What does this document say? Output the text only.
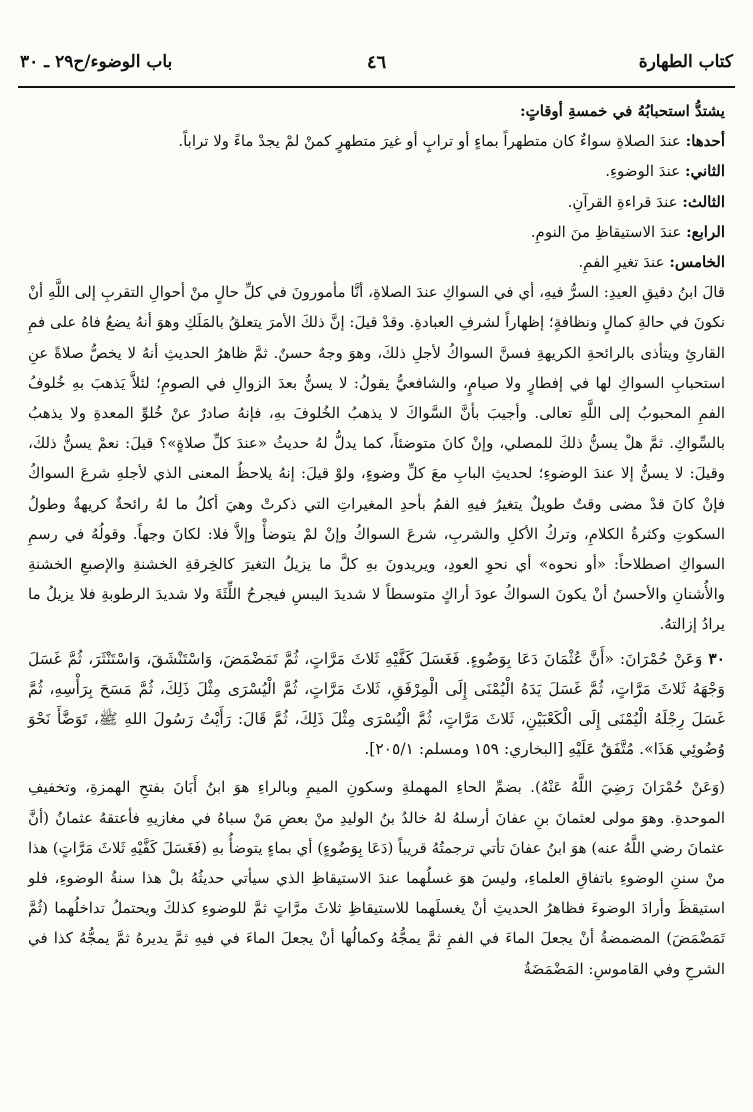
كتاب الطهارة
٤٦
باب الوضوء/ح٢٩ ـ ٣٠

يشتدُّ استحبابُهُ في خمسةِ أوقاتٍ:

أحدها: عندَ الصلاةِ سواءٌ كان متطهراً بماءٍ أو ترابٍ أو غيرَ متطهرٍ كمنْ لمْ يجدْ ماءً ولا تراباً.

الثاني: عندَ الوضوءِ.

الثالث: عندَ قراءةِ القرآنِ.

الرابع: عندَ الاستيقاظِ منَ النومِ.

الخامس: عندَ تغيرِ الفمِ.

قالَ ابنُ دقيقِ العيدِ: السرُّ فيهِ، أي في السواكِ عندَ الصلاةِ، أنَّا مأمورونَ في كلِّ حالٍ منْ أحوالِ التقربِ إلى اللَّهِ أنْ نكونَ في حالةِ كمالٍ ونظافةٍ؛ إظهاراً لشرفِ العبادةِ. وقدْ قيلَ: إنَّ ذلكَ الأمرَ يتعلقُ بالمَلَكِ وهوَ أنهُ يضعُ فاهُ على فمِ القارئِ ويتأذى بالرائحةِ الكريهةِ فسنَّ السواكُ لأجلِ ذلكَ، وهوَ وجهٌ حسنٌ. ثمَّ ظاهرُ الحديثِ أنهُ لا يخصُّ صلاةً عنِ استحبابِ السواكِ لها في إفطارٍ ولا صيامٍ، والشافعيُّ يقولُ: لا يسنُّ بعدَ الزوالِ في الصومِ؛ لئلاَّ يَذهبَ بهِ خُلوفُ الفمِ المحبوبُ إلى اللَّهِ تعالى. وأجيبَ بأنَّ السَّواكَ لا يذهبُ الخُلوفَ بهِ، فإنهُ صادرٌ عنْ خُلوِّ المعدةِ ولا يذهبُ بالسِّواكِ. ثمَّ هلْ يسنُّ ذلكَ للمصلي، وإنْ كانَ متوضئاً، كما يدلُّ لهُ حديثُ «عندَ كلِّ صلاةٍ»؟ قيلَ: نعمْ يسنُّ ذلكَ، وقيلَ: لا يسنُّ إلا عندَ الوضوءِ؛ لحديثِ البابِ معَ كلِّ وضوءٍ، ولوْ قيلَ: إنهُ يلاحظُ المعنى الذي لأجلهِ شرعَ السواكُ فإنْ كانَ قدْ مضى وقتٌ طويلٌ يتغيرُ فيهِ الفمُ بأحدِ المغيراتِ التي ذكرتْ وهيَ أكلُ ما لهُ رائحةٌ كريهةٌ وطولُ السكوتِ وكثرةُ الكلامِ، وتركُ الأكلِ والشربِ، شرعَ السواكُ وإنْ لمْ يتوضأْ وإلاَّ فلا: لكانَ وجهاً. وقولُهُ في رسمِ السواكِ اصطلاحاً: «أو نحوه» أي نحوِ العودِ، ويريدونَ بهِ كلَّ ما يزيلُ التغيرَ كالخِرقةِ الخشنةِ والإصبعِ الخشنةِ والأُشنانِ والأحسنُ أنْ يكونَ السواكُ عودَ أراكٍ متوسطاً لا شديدَ اليبسِ فيجرحُ اللِّثَةَ ولا شديدَ الرطوبةِ فلا يزيلُ ما يرادُ إزالتهُ.

٣٠وَعَنْ حُمْرَانَ: «أَنَّ عُثْمَانَ دَعَا بِوَضُوءٍ. فَغَسَلَ كَفَّيْهِ ثَلاثَ مَرَّاتٍ، ثُمَّ تَمَضْمَضَ، وَاسْتَنْشَقَ، وَاسْتَنْثَرَ، ثُمَّ غَسَلَ وَجْهَهُ ثَلاثَ مَرَّاتٍ، ثُمَّ غَسَلَ يَدَهُ الْيُمْنَى إِلَى الْمِرْفَقِ، ثَلاثَ مَرَّاتٍ، ثُمَّ الْيُسْرَى مِثْلَ ذَلِكَ، ثُمَّ مَسَحَ بِرَأْسِهِ، ثُمَّ غَسَلَ رِجْلَهُ الْيُمْنَى إِلَى الْكَعْبَيْنِ، ثَلاثَ مَرَّاتٍ، ثُمَّ الْيُسْرَى مِثْلَ ذَلِكَ، ثُمَّ قَالَ: رَأَيْتُ رَسُولَ اللهِ ﷺ، تَوَضَّأَ نَحْوَ وُضُوئِي هَذَا». مُتَّفَقٌ عَلَيْهِ [البخاري: ١٥٩ ومسلم: ٢٠٥/١].

(وَعَنْ حُمْرَانَ رَضِيَ اللَّهُ عَنْهُ). بضمِّ الحاءِ المهملةِ وسكونِ الميمِ وبالراءِ هوَ ابنُ أَبَانَ بفتحِ الهمزةِ، وتخفيفِ الموحدةِ. وهوَ مولى لعثمانَ بنِ عفانَ أرسلهُ لهُ خالدُ بنُ الوليدِ منْ بعضِ مَنْ سباهُ في مغازيهِ فأعتقهُ عثمانُ (أنَّ عثمانَ رضي اللَّهُ عنه) هوَ ابنُ عفانَ تأتي ترجمتُهُ قريباً (دَعَا بِوَضُوءٍ) أي بماءٍ يتوضأُ بهِ (فَغَسَلَ كَفَّيْهِ ثَلاثَ مَرَّاتٍ) هذا منْ سننِ الوضوءِ باتفاقِ العلماءِ، وليسَ هوَ غسلُهما عندَ الاستيقاظِ الذي سيأتي حديثُهُ بلْ هذا سنةُ الوضوءِ، فلو استيقظَ وأرادَ الوضوءَ فظاهرُ الحديثِ أنْ يغسلَهما للاستيقاظِ ثلاثَ مرَّاتٍ ثمَّ للوضوءِ كذلكَ ويحتملُ تداخلُهما (ثُمَّ تَمَضْمَضَ) المضمضةُ أنْ يجعلَ الماءَ في الفمِ ثمَّ يمجُّهُ وكمالُها أنْ يجعلَ الماءَ في فيهِ ثمَّ يديرهُ ثمَّ يمجُّهُ كذا في الشرحِ وفي القاموسِ: المَضْمَضَةُ
